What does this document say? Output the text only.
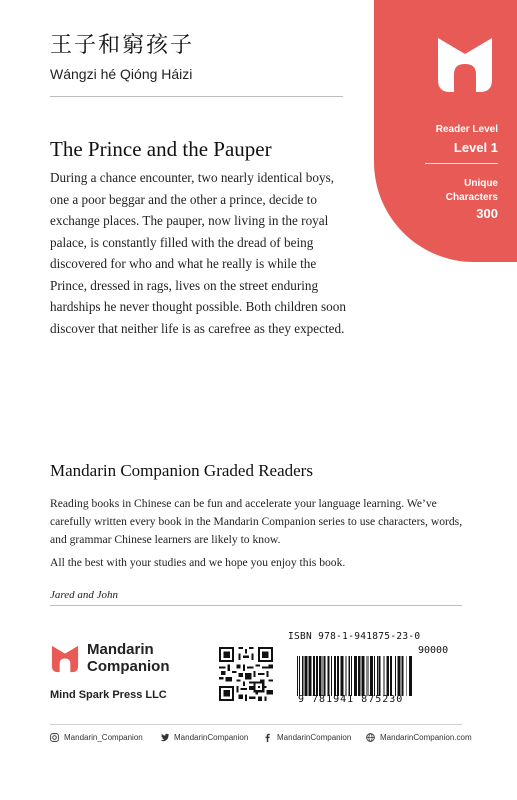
Reader Level
Level 1
Unique
Characters
300
王子和窮孩子
Wángzi hé Qióng Háizi
The Prince and the Pauper
During a chance encounter, two nearly identical boys, one a poor beggar and the other a prince, decide to exchange places. The pauper, now living in the royal palace, is constantly filled with the dread of being discovered for who and what he really is while the Prince, dressed in rags, lives on the street enduring hardships he never thought possible. Both children soon discover that neither life is as carefree as they expected.
Mandarin Companion Graded Readers
Reading books in Chinese can be fun and accelerate your language learning. We’ve carefully written every book in the Mandarin Companion series to use characters, words, and grammar Chinese learners are likely to know.
All the best with your studies and we hope you enjoy this book.
Jared and John
Mandarin
Companion
Mind Spark Press LLC
ISBN 978-1-941875-23-0
90000
9 781941 875230
Mandarin_Companion	MandarinCompanion	MandarinCompanion	MandarinCompanion.com
